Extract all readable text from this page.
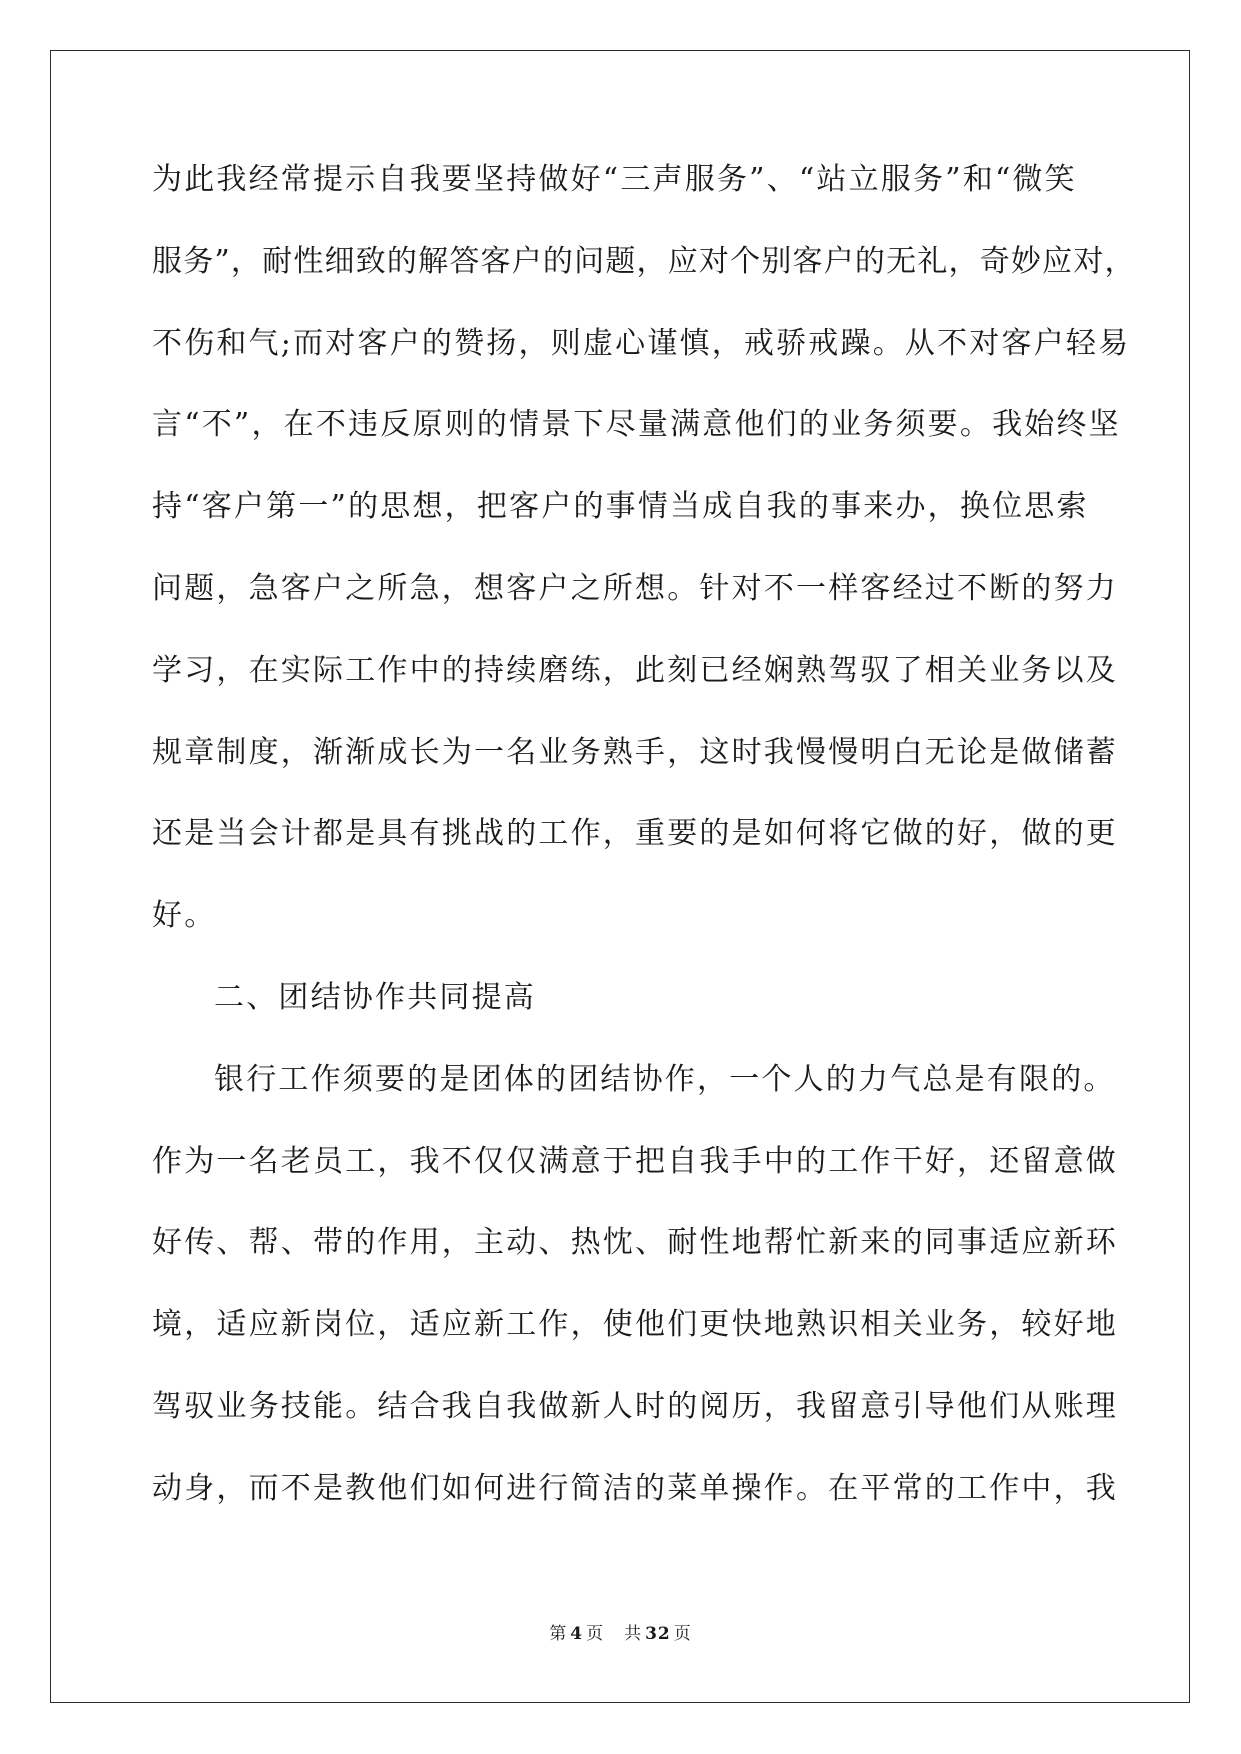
为此我经常提示自我要坚持做好“三声服务”、“站立服务”和“微笑
服务”，耐性细致的解答客户的问题，应对个别客户的无礼，奇妙应对，
不伤和气;而对客户的赞扬，则虚心谨慎，戒骄戒躁。从不对客户轻易
言“不”，在不违反原则的情景下尽量满意他们的业务须要。我始终坚
持“客户第一”的思想，把客户的事情当成自我的事来办，换位思索
问题，急客户之所急，想客户之所想。针对不一样客经过不断的努力
学习，在实际工作中的持续磨练，此刻已经娴熟驾驭了相关业务以及
规章制度，渐渐成长为一名业务熟手，这时我慢慢明白无论是做储蓄
还是当会计都是具有挑战的工作，重要的是如何将它做的好，做的更
好。
二、团结协作共同提高
银行工作须要的是团体的团结协作，一个人的力气总是有限的。
作为一名老员工，我不仅仅满意于把自我手中的工作干好，还留意做
好传、帮、带的作用，主动、热忱、耐性地帮忙新来的同事适应新环
境，适应新岗位，适应新工作，使他们更快地熟识相关业务，较好地
驾驭业务技能。结合我自我做新人时的阅历，我留意引导他们从账理
动身，而不是教他们如何进行简洁的菜单操作。在平常的工作中，我
第 4 页 共 32 页
